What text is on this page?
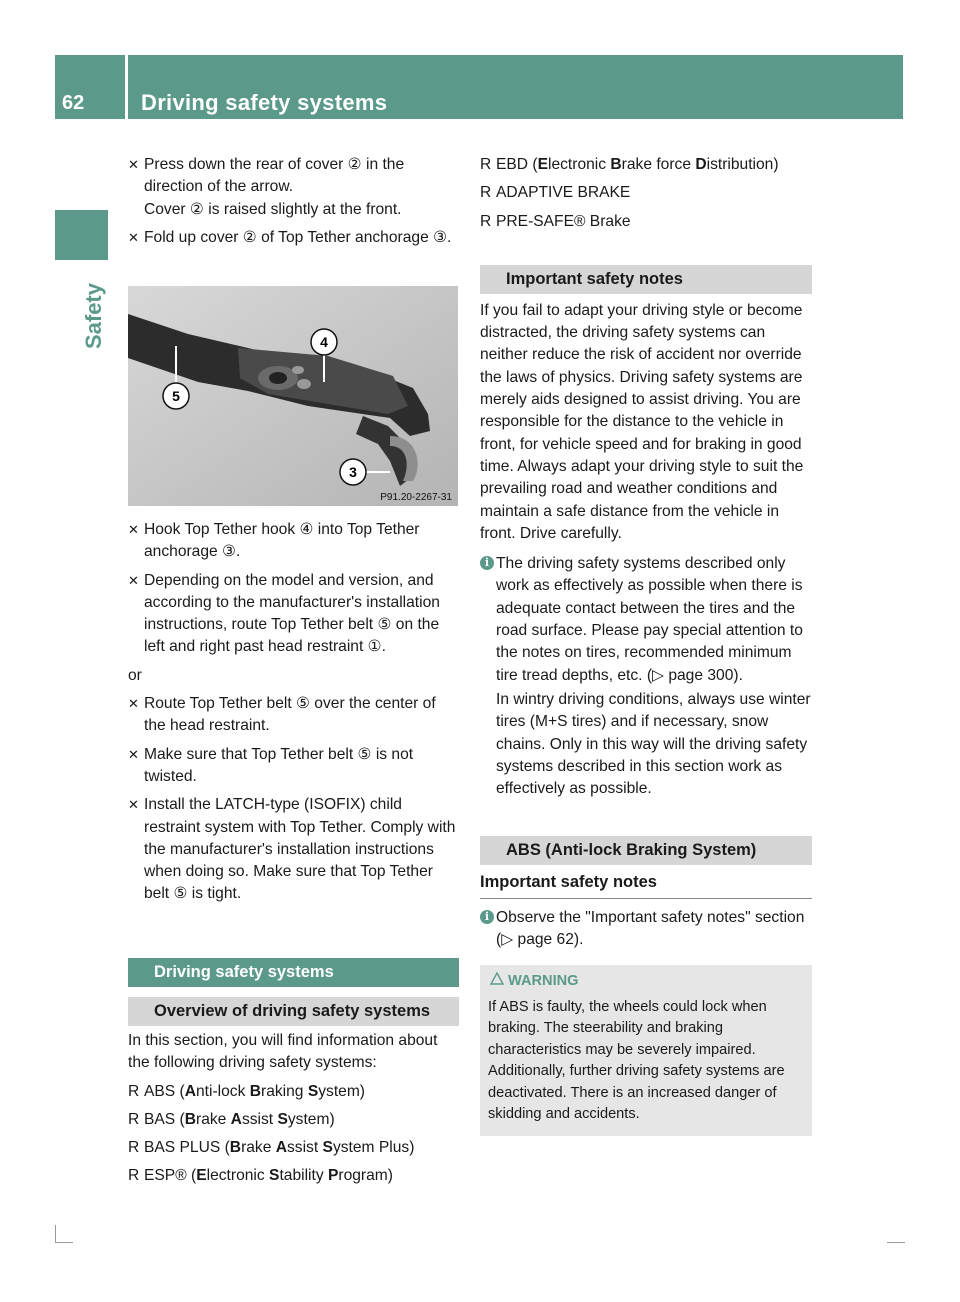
62	Driving safety systems
Safety
✕ Press down the rear of cover ② in the direction of the arrow.
Cover ② is raised slightly at the front.

✕ Fold up cover ② of Top Tether anchorage ③.

5
4
3
P91.20-2267-31
✕ Hook Top Tether hook ④ into Top Tether anchorage ③.

✕ Depending on the model and version, and according to the manufacturer's installation instructions, route Top Tether belt ⑤ on the left and right past head restraint ①.

or

✕ Route Top Tether belt ⑤ over the center of the head restraint.

✕ Make sure that Top Tether belt ⑤ is not twisted.

✕ Install the LATCH-type (ISOFIX) child restraint system with Top Tether. Comply with the manufacturer's installation instructions when doing so. Make sure that Top Tether belt ⑤ is tight.

Driving safety systems
Overview of driving safety systems

In this section, you will find information about the following driving safety systems:

R ABS (Anti-lock Braking System)
R BAS (Brake Assist System)
R BAS PLUS (Brake Assist System Plus)
R ESP® (Electronic Stability Program)
R EBD (Electronic Brake force Distribution)
R ADAPTIVE BRAKE
R PRE-SAFE® Brake
Important safety notes

If you fail to adapt your driving style or become distracted, the driving safety systems can neither reduce the risk of accident nor override the laws of physics. Driving safety systems are merely aids designed to assist driving. You are responsible for the distance to the vehicle in front, for vehicle speed and for braking in good time. Always adapt your driving style to suit the prevailing road and weather conditions and maintain a safe distance from the vehicle in front. Drive carefully.

i The driving safety systems described only work as effectively as possible when there is adequate contact between the tires and the road surface. Please pay special attention to the notes on tires, recommended minimum tire tread depths, etc. (▷ page 300).

In wintry driving conditions, always use winter tires (M+S tires) and if necessary, snow chains. Only in this way will the driving safety systems described in this section work as effectively as possible.

ABS (Anti-lock Braking System)
Important safety notes
i Observe the "Important safety notes" section (▷ page 62).

WARNING

If ABS is faulty, the wheels could lock when braking. The steerability and braking characteristics may be severely impaired. Additionally, further driving safety systems are deactivated. There is an increased danger of skidding and accidents.
